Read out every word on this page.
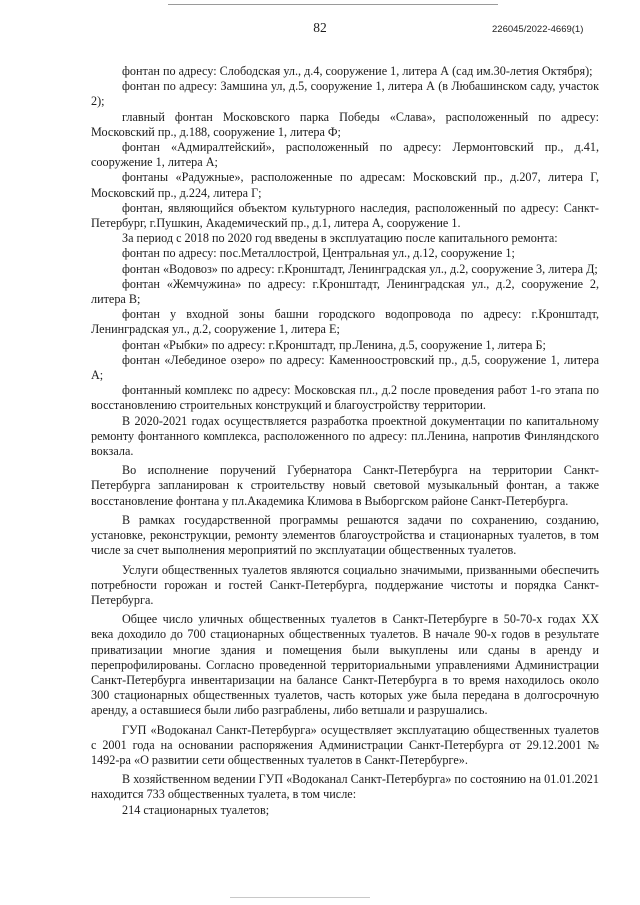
82	226045/2022-4669(1)

фонтан по адресу: Слободская ул., д.4, сооружение 1, литера А (сад им.30-летия Октября);

фонтан по адресу: Замшина ул, д.5, сооружение 1, литера А (в Любашинском саду, участок 2);

главный фонтан Московского парка Победы «Слава», расположенный по адресу: Московский пр., д.188, сооружение 1, литера Ф;

фонтан «Адмиралтейский», расположенный по адресу: Лермонтовский пр., д.41, сооружение 1, литера А;

фонтаны «Радужные», расположенные по адресам: Московский пр., д.207, литера Г, Московский пр., д.224, литера Г;

фонтан, являющийся объектом культурного наследия, расположенный по адресу: Санкт-Петербург, г.Пушкин, Академический пр., д.1, литера А, сооружение 1.

За период с 2018 по 2020 год введены в эксплуатацию после капитального ремонта:

фонтан по адресу: пос.Металлострой, Центральная ул., д.12, сооружение 1;

фонтан «Водовоз» по адресу: г.Кронштадт, Ленинградская ул., д.2, сооружение 3, литера Д;

фонтан «Жемчужина» по адресу: г.Кронштадт, Ленинградская ул., д.2, сооружение 2, литера В;

фонтан у входной зоны башни городского водопровода по адресу: г.Кронштадт, Ленинградская ул., д.2, сооружение 1, литера Е;

фонтан «Рыбки» по адресу: г.Кронштадт, пр.Ленина, д.5, сооружение 1, литера Б;

фонтан «Лебединое озеро» по адресу: Каменноостровский пр., д.5, сооружение 1, литера А;

фонтанный комплекс по адресу: Московская пл., д.2 после проведения работ 1-го этапа по восстановлению строительных конструкций и благоустройству территории.

В 2020-2021 годах осуществляется разработка проектной документации по капитальному ремонту фонтанного комплекса, расположенного по адресу: пл.Ленина, напротив Финляндского вокзала.

Во исполнение поручений Губернатора Санкт-Петербурга на территории Санкт-Петербурга запланирован к строительству новый световой музыкальный фонтан, а также восстановление фонтана у пл.Академика Климова в Выборгском районе Санкт-Петербурга.

В рамках государственной программы решаются задачи по сохранению, созданию, установке, реконструкции, ремонту элементов благоустройства и стационарных туалетов, в том числе за счет выполнения мероприятий по эксплуатации общественных туалетов.

Услуги общественных туалетов являются социально значимыми, призванными обеспечить потребности горожан и гостей Санкт-Петербурга, поддержание чистоты и порядка Санкт-Петербурга.

Общее число уличных общественных туалетов в Санкт-Петербурге в 50-70-х годах XX века доходило до 700 стационарных общественных туалетов. В начале 90-х годов в результате приватизации многие здания и помещения были выкуплены или сданы в аренду и перепрофилированы. Согласно проведенной территориальными управлениями Администрации Санкт-Петербурга инвентаризации на балансе Санкт-Петербурга в то время находилось около 300 стационарных общественных туалетов, часть которых уже была передана в долгосрочную аренду, а оставшиеся были либо разграблены, либо ветшали и разрушались.

ГУП «Водоканал Санкт-Петербурга» осуществляет эксплуатацию общественных туалетов с 2001 года на основании распоряжения Администрации Санкт-Петербурга от 29.12.2001 № 1492-ра «О развитии сети общественных туалетов в Санкт-Петербурге».

В хозяйственном ведении ГУП «Водоканал Санкт-Петербурга» по состоянию на 01.01.2021 находится 733 общественных туалета, в том числе:

214 стационарных туалетов;
